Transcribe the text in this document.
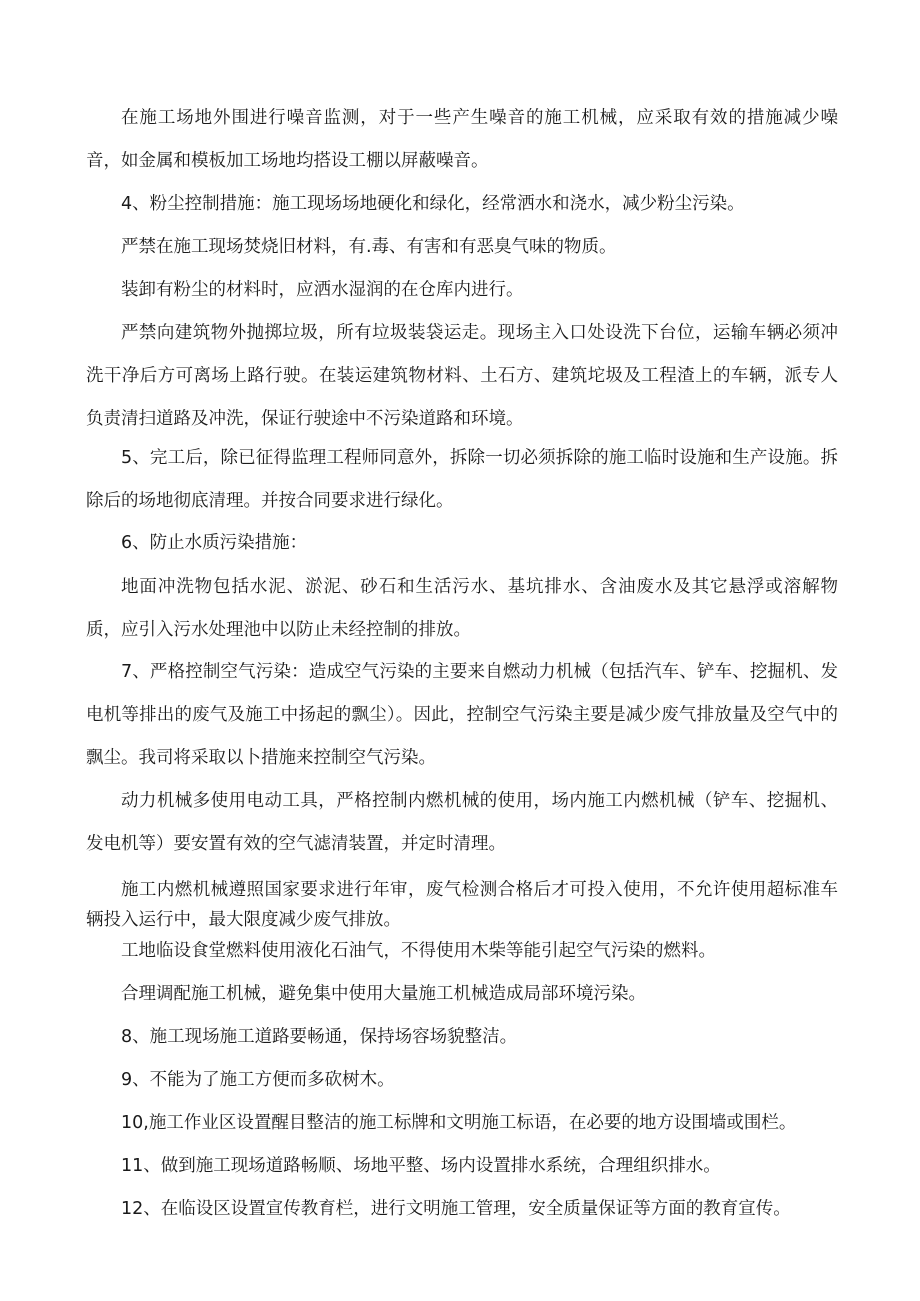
在施工场地外围进行噪音监测，对于一些产生噪音的施工机械，应采取有效的措施减少噪音，如金属和模板加工场地均搭设工棚以屏蔽噪音。

4、粉尘控制措施：施工现场场地硬化和绿化，经常洒水和浇水，减少粉尘污染。

严禁在施工现场焚烧旧材料，有.毒、有害和有恶臭气味的物质。

装卸有粉尘的材料时，应洒水湿润的在仓库内进行。

严禁向建筑物外抛掷垃圾，所有垃圾装袋运走。现场主入口处设洗下台位，运输车辆必须冲洗干净后方可离场上路行驶。在装运建筑物材料、土石方、建筑坨圾及工程渣上的车辆，派专人负责清扫道路及冲洗，保证行驶途中不污染道路和环境。

5、完工后，除已征得监理工程师同意外，拆除一切必须拆除的施工临时设施和生产设施。拆除后的场地彻底清理。并按合同要求进行绿化。

6、防止水质污染措施：

地面冲洗物包括水泥、淤泥、砂石和生活污水、基坑排水、含油废水及其它悬浮或溶解物质，应引入污水处理池中以防止未经控制的排放。

7、严格控制空气污染：造成空气污染的主要来自燃动力机械（包括汽车、铲车、挖掘机、发电机等排出的废气及施工中扬起的飘尘）。因此，控制空气污染主要是减少废气排放量及空气中的飘尘。我司将采取以卜措施来控制空气污染。

动力机械多使用电动工具，严格控制内燃机械的使用，场内施工内燃机械（铲车、挖掘机、发电机等）要安置有效的空气滤清装置，并定时清理。

施工内燃机械遵照国家要求进行年审，废气检测合格后才可投入使用，不允许使用超标准车辆投入运行中，最大限度减少废气排放。

工地临设食堂燃料使用液化石油气，不得使用木柴等能引起空气污染的燃料。

合理调配施工机械，避免集中使用大量施工机械造成局部环境污染。

8、施工现场施工道路要畅通，保持场容场貌整洁。

9、不能为了施工方便而多砍树木。

10,施工作业区设置醒目整洁的施工标牌和文明施工标语，在必要的地方设围墙或围栏。

11、做到施工现场道路畅顺、场地平整、场内设置排水系统，合理组织排水。

12、在临设区设置宣传教育栏，进行文明施工管理，安全质量保证等方面的教育宣传。
